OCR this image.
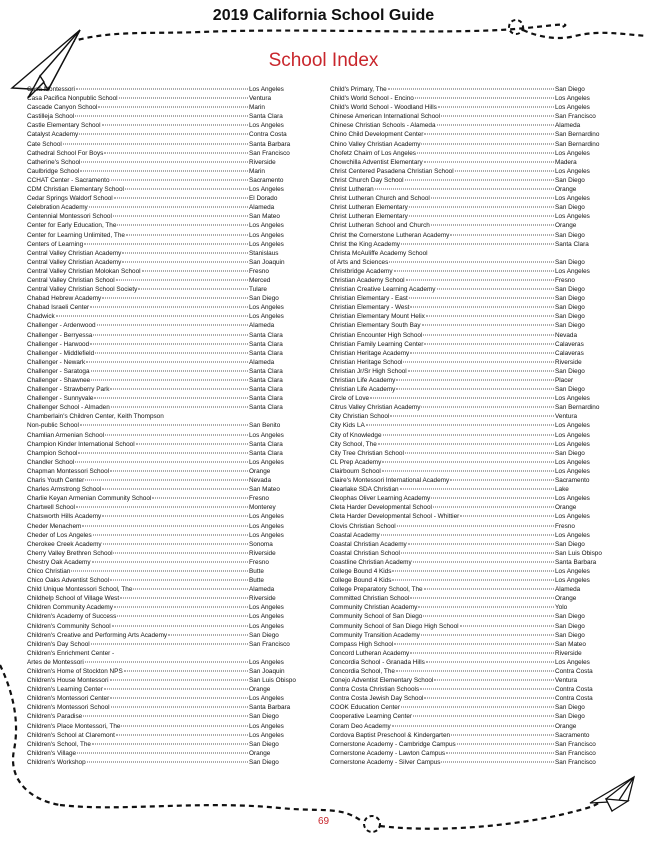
2019 California School Guide
School Index
Casa Montessori	Los Angeles
Casa Pacifica Nonpublic School	Ventura
Cascade Canyon School	Marin
Castilleja School	Santa Clara
Castle Elementary School	Los Angeles
Catalyst Academy	Contra Costa
Cate School	Santa Barbara
Cathedral School For Boys	San Francisco
Catherine's School	Riverside
Caulbridge School	Marin
CCHAT Center - Sacramento	Sacramento
CDM Christian Elementary School	Los Angeles
Cedar Springs Waldorf School	El Dorado
Celebration Academy	Alameda
Centennial Montessori School	San Mateo
Center for Early Education, The	Los Angeles
Center for Learning Unlimited, The	Los Angeles
Centers of Learning	Los Angeles
Central Valley Christian Academy	Stanislaus
Central Valley Christian Academy	San Joaquin
Central Valley Christian Molokan School	Fresno
Central Valley Christian School	Merced
Central Valley Christian School Society	Tulare
Chabad Hebrew Academy	San Diego
Chabad Israeli Center	Los Angeles
Chadwick	Los Angeles
Challenger - Ardenwood	Alameda
Challenger - Berryessa	Santa Clara
Challenger - Harwood	Santa Clara
Challenger - Middlefield	Santa Clara
Challenger - Newark	Alameda
Challenger - Saratoga	Santa Clara
Challenger - Shawnee	Santa Clara
Challenger - Strawberry Park	Santa Clara
Challenger - Sunnyvale	Santa Clara
Challenger School - Almaden	Santa Clara
Chamberlain's Children Center, Keith Thompson
Non-public School	San Benito
Chamlian Armenian School	Los Angeles
Champion Kinder International School	Santa Clara
Champion School	Santa Clara
Chandler School	Los Angeles
Chapman Montessori School	Orange
Charis Youth Center	Nevada
Charles Armstrong School	San Mateo
Charlie Keyan Armenian Community School	Fresno
Chartwell School	Monterey
Chatsworth Hills Academy	Los Angeles
Cheder Menachem	Los Angeles
Cheder of Los Angeles	Los Angeles
Cherokee Creek Academy	Sonoma
Cherry Valley Brethren School	Riverside
Chestry Oak Academy	Fresno
Chico Christian	Butte
Chico Oaks Adventist School	Butte
Child Unique Montessori School, The	Alameda
Childhelp School of Village West	Riverside
Children Community Academy	Los Angeles
Children's Academy of Success	Los Angeles
Children's Community School	Los Angeles
Children's Creative and Performing Arts Academy	San Diego
Children's Day School	San Francisco
Children's Enrichment Center -
Artes de Montessori	Los Angeles
Children's Home of Stockton NPS	San Joaquin
Children's House Montessori	San Luis Obispo
Children's Learning Center	Orange
Children's Montessori Center	Los Angeles
Children's Montessori School	Santa Barbara
Children's Paradise	San Diego
Children's Place Montessori, The	Los Angeles
Children's School at Claremont	Los Angeles
Children's School, The	San Diego
Children's Village	Orange
Children's Workshop	San Diego
Child's Primary, The	San Diego
Child's World School - Encino	Los Angeles
Child's World School - Woodland Hills	Los Angeles
Chinese American International School	San Francisco
Chinese Christian Schools - Alameda	Alameda
Chino Child Development Center	San Bernardino
Chino Valley Christian Academy	San Bernardino
Chofetz Chaim of Los Angeles	Los Angeles
Chowchilla Adventist Elementary	Madera
Christ Centered Pasadena Christian School	Los Angeles
Christ Church Day School	San Diego
Christ Lutheran	Orange
Christ Lutheran Church and School	Los Angeles
Christ Lutheran Elementary	San Diego
Christ Lutheran Elementary	Los Angeles
Christ Lutheran School and Church	Orange
Christ the Cornerstone Lutheran Academy	San Diego
Christ the King Academy	Santa Clara
Christa McAuliffe Academy School
of Arts and Sciences	San Diego
Christbridge Academy	Los Angeles
Christian Academy School	Fresno
Christian Creative Learning Academy	San Diego
Christian Elementary - East	San Diego
Christian Elementary - West	San Diego
Christian Elementary Mount Helix	San Diego
Christian Elementary South Bay	San Diego
Christian Encounter High School	Nevada
Christian Family Learning Center	Calaveras
Christian Heritage Academy	Calaveras
Christian Heritage School	Riverside
Christian Jr/Sr High School	San Diego
Christian Life Academy	Placer
Christian Life Academy	San Diego
Circle of Love	Los Angeles
Citrus Valley Christian Academy	San Bernardino
City Christian School	Ventura
City Kids LA	Los Angeles
City of Knowledge	Los Angeles
City School, The	Los Angeles
City Tree Christian School	San Diego
CL Prep Academy	Los Angeles
Clairbourn School	Los Angeles
Claire's Montessori International Academy	Sacramento
Clearlake SDA Christian	Lake
Cleophas Oliver Learning Academy	Los Angeles
Cleta Harder Developmental School	Orange
Cleta Harder Developmental School - Whittier	Los Angeles
Clovis Christian School	Fresno
Coastal Academy	Los Angeles
Coastal Christian Academy	San Diego
Coastal Christian School	San Luis Obispo
Coastline Christian Academy	Santa Barbara
College Bound 4 Kids	Los Angeles
College Bound 4 Kids	Los Angeles
College Preparatory School, The	Alameda
Committed Christian School	Orange
Community Christian Academy	Yolo
Community School of San Diego	San Diego
Community School of San Diego High School	San Diego
Community Transition Academy	San Diego
Compass High School	San Mateo
Concord Lutheran Academy	Riverside
Concordia School - Granada Hills	Los Angeles
Concordia School, The	Contra Costa
Conejo Adventist Elementary School	Ventura
Contra Costa Christian Schools	Contra Costa
Contra Costa Jewish Day School	Contra Costa
COOK Education Center	San Diego
Cooperative Learning Center	San Diego
Coram Deo Academy	Orange
Cordova Baptist Preschool & Kindergarten	Sacramento
Cornerstone Academy - Cambridge Campus	San Francisco
Cornerstone Academy - Lawton Campus	San Francisco
Cornerstone Academy - Silver Campus	San Francisco
69
